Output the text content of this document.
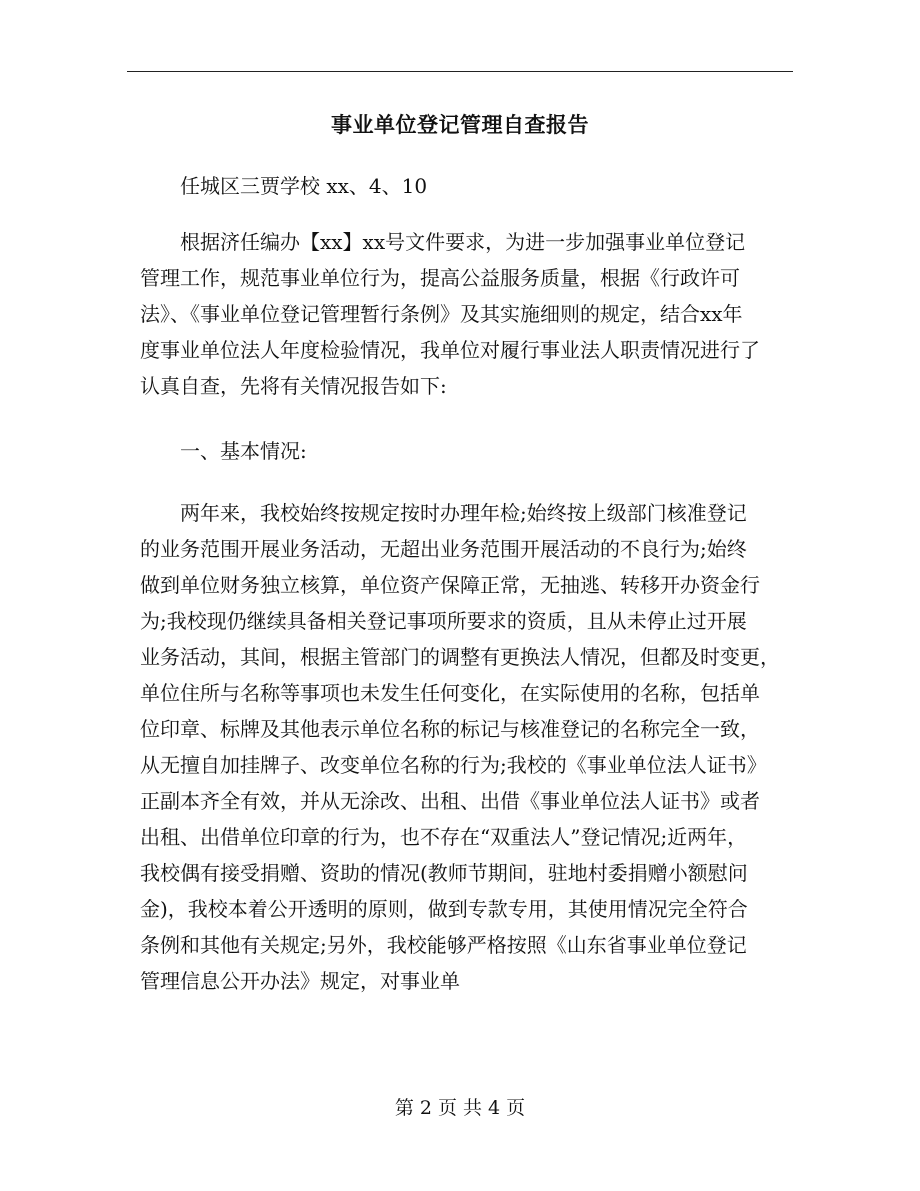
事业单位登记管理自查报告
任城区三贾学校 xx、4、10
根据济任编办【xx】xx号文件要求，为进一步加强事业单位登记
管理工作，规范事业单位行为，提高公益服务质量，根据《行政许可
法》、《事业单位登记管理暂行条例》及其实施细则的规定，结合xx年
度事业单位法人年度检验情况，我单位对履行事业法人职责情况进行了
认真自查，先将有关情况报告如下:
一、基本情况:
两年来，我校始终按规定按时办理年检;始终按上级部门核准登记
的业务范围开展业务活动，无超出业务范围开展活动的不良行为;始终
做到单位财务独立核算，单位资产保障正常，无抽逃、转移开办资金行
为;我校现仍继续具备相关登记事项所要求的资质，且从未停止过开展
业务活动，其间，根据主管部门的调整有更换法人情况，但都及时变更，
单位住所与名称等事项也未发生任何变化，在实际使用的名称，包括单
位印章、标牌及其他表示单位名称的标记与核准登记的名称完全一致，
从无擅自加挂牌子、改变单位名称的行为;我校的《事业单位法人证书》
正副本齐全有效，并从无涂改、出租、出借《事业单位法人证书》或者
出租、出借单位印章的行为，也不存在“双重法人”登记情况;近两年，
我校偶有接受捐赠、资助的情况(教师节期间，驻地村委捐赠小额慰问
金)，我校本着公开透明的原则，做到专款专用，其使用情况完全符合
条例和其他有关规定;另外，我校能够严格按照《山东省事业单位登记
管理信息公开办法》规定，对事业单
第 2 页 共 4 页
